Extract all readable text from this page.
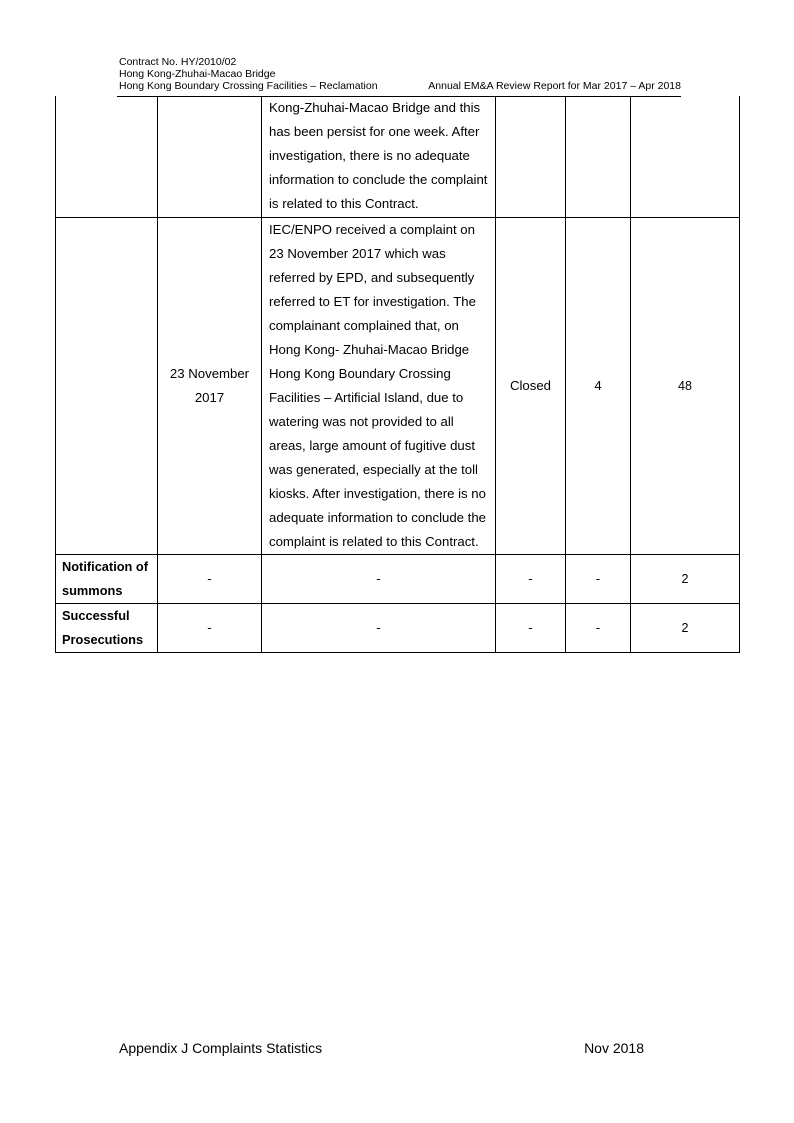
Contract No. HY/2010/02
Hong Kong-Zhuhai-Macao Bridge
Hong Kong Boundary Crossing Facilities – Reclamation	Annual EM&A Review Report for Mar 2017 – Apr 2018
		Kong-Zhuhai-Macao Bridge and this has been persist for one week. After investigation, there is no adequate information to conclude the complaint is related to this Contract.			
	23 November 2017	IEC/ENPO received a complaint on 23 November 2017 which was referred by EPD, and subsequently referred to ET for investigation. The complainant complained that, on Hong Kong- Zhuhai-Macao Bridge Hong Kong Boundary Crossing Facilities – Artificial Island, due to watering was not provided to all areas, large amount of fugitive dust was generated, especially at the toll kiosks. After investigation, there is no adequate information to conclude the complaint is related to this Contract.	Closed	4	48
Notification of summons	-	-	-	-	2
Successful Prosecutions	-	-	-	-	2
Appendix J Complaints Statistics	Nov 2018
